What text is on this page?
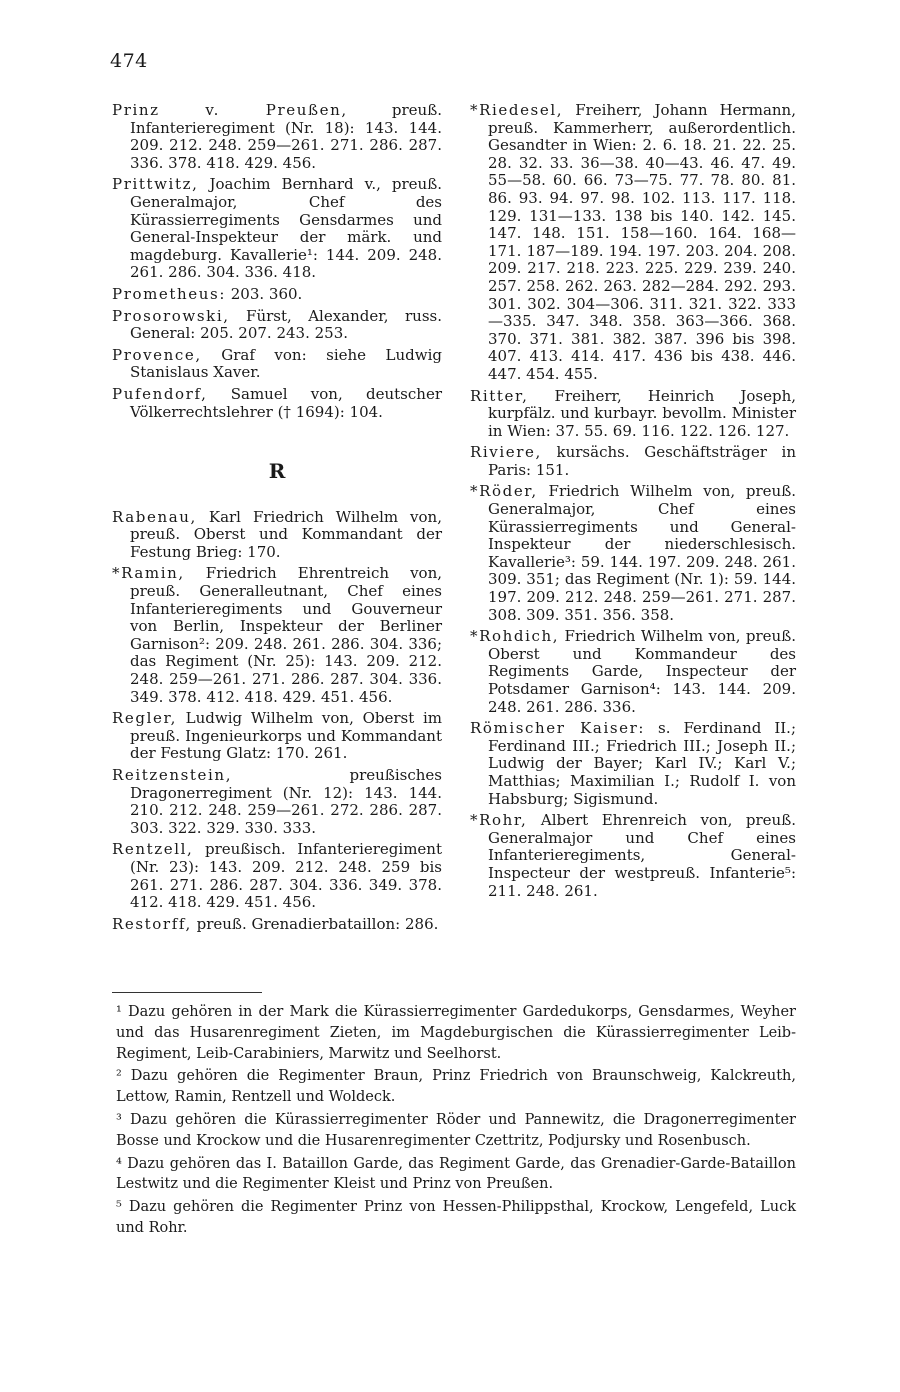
474

Prinz v. Preußen, preuß. Infanterieregiment (Nr. 18): 143. 144. 209. 212. 248. 259—261. 271. 286. 287. 336. 378. 418. 429. 456.

Prittwitz, Joachim Bernhard v., preuß. Generalmajor, Chef des Kürassierregiments Gensdarmes und General-Inspekteur der märk. und magdeburg. Kavallerie¹: 144. 209. 248. 261. 286. 304. 336. 418.

Prometheus: 203. 360.

Prosorowski, Fürst, Alexander, russ. General: 205. 207. 243. 253.

Provence, Graf von: siehe Ludwig Stanislaus Xaver.

Pufendorf, Samuel von, deutscher Völkerrechtslehrer († 1694): 104.

R

Rabenau, Karl Friedrich Wilhelm von, preuß. Oberst und Kommandant der Festung Brieg: 170.

*Ramin, Friedrich Ehrentreich von, preuß. Generalleutnant, Chef eines Infanterieregiments und Gouverneur von Berlin, Inspekteur der Berliner Garnison²: 209. 248. 261. 286. 304. 336; das Regiment (Nr. 25): 143. 209. 212. 248. 259—261. 271. 286. 287. 304. 336. 349. 378. 412. 418. 429. 451. 456.

Regler, Ludwig Wilhelm von, Oberst im preuß. Ingenieurkorps und Kommandant der Festung Glatz: 170. 261.

Reitzenstein, preußisches Dragonerregiment (Nr. 12): 143. 144. 210. 212. 248. 259—261. 272. 286. 287. 303. 322. 329. 330. 333.

Rentzell, preußisch. Infanterieregiment (Nr. 23): 143. 209. 212. 248. 259 bis 261. 271. 286. 287. 304. 336. 349. 378. 412. 418. 429. 451. 456.

Restorff, preuß. Grenadierbataillon: 286.

*Riedesel, Freiherr, Johann Hermann, preuß. Kammerherr, außerordentlich. Gesandter in Wien: 2. 6. 18. 21. 22. 25. 28. 32. 33. 36—38. 40—43. 46. 47. 49. 55—58. 60. 66. 73—75. 77. 78. 80. 81. 86. 93. 94. 97. 98. 102. 113. 117. 118. 129. 131—133. 138 bis 140. 142. 145. 147. 148. 151. 158—160. 164. 168—171. 187—189. 194. 197. 203. 204. 208. 209. 217. 218. 223. 225. 229. 239. 240. 257. 258. 262. 263. 282—284. 292. 293. 301. 302. 304—306. 311. 321. 322. 333—335. 347. 348. 358. 363—366. 368. 370. 371. 381. 382. 387. 396 bis 398. 407. 413. 414. 417. 436 bis 438. 446. 447. 454. 455.

Ritter, Freiherr, Heinrich Joseph, kurpfälz. und kurbayr. bevollm. Minister in Wien: 37. 55. 69. 116. 122. 126. 127.

Riviere, kursächs. Geschäftsträger in Paris: 151.

*Röder, Friedrich Wilhelm von, preuß. Generalmajor, Chef eines Kürassierregiments und General-Inspekteur der niederschlesisch. Kavallerie³: 59. 144. 197. 209. 248. 261. 309. 351; das Regiment (Nr. 1): 59. 144. 197. 209. 212. 248. 259—261. 271. 287. 308. 309. 351. 356. 358.

*Rohdich, Friedrich Wilhelm von, preuß. Oberst und Kommandeur des Regiments Garde, Inspecteur der Potsdamer Garnison⁴: 143. 144. 209. 248. 261. 286. 336.

Römischer Kaiser: s. Ferdinand II.; Ferdinand III.; Friedrich III.; Joseph II.; Ludwig der Bayer; Karl IV.; Karl V.; Matthias; Maximilian I.; Rudolf I. von Habsburg; Sigismund.

*Rohr, Albert Ehrenreich von, preuß. Generalmajor und Chef eines Infanterieregiments, General-Inspecteur der westpreuß. Infanterie⁵: 211. 248. 261.

¹ Dazu gehören in der Mark die Kürassierregimenter Gardedukorps, Gensdarmes, Weyher und das Husarenregiment Zieten, im Magdeburgischen die Kürassierregimenter Leib-Regiment, Leib-Carabiniers, Marwitz und Seelhorst.

² Dazu gehören die Regimenter Braun, Prinz Friedrich von Braunschweig, Kalckreuth, Lettow, Ramin, Rentzell und Woldeck.

³ Dazu gehören die Kürassierregimenter Röder und Pannewitz, die Dragonerregimenter Bosse und Krockow und die Husarenregimenter Czettritz, Podjursky und Rosenbusch.

⁴ Dazu gehören das I. Bataillon Garde, das Regiment Garde, das Grenadier-Garde-Bataillon Lestwitz und die Regimenter Kleist und Prinz von Preußen.

⁵ Dazu gehören die Regimenter Prinz von Hessen-Philippsthal, Krockow, Lengefeld, Luck und Rohr.
